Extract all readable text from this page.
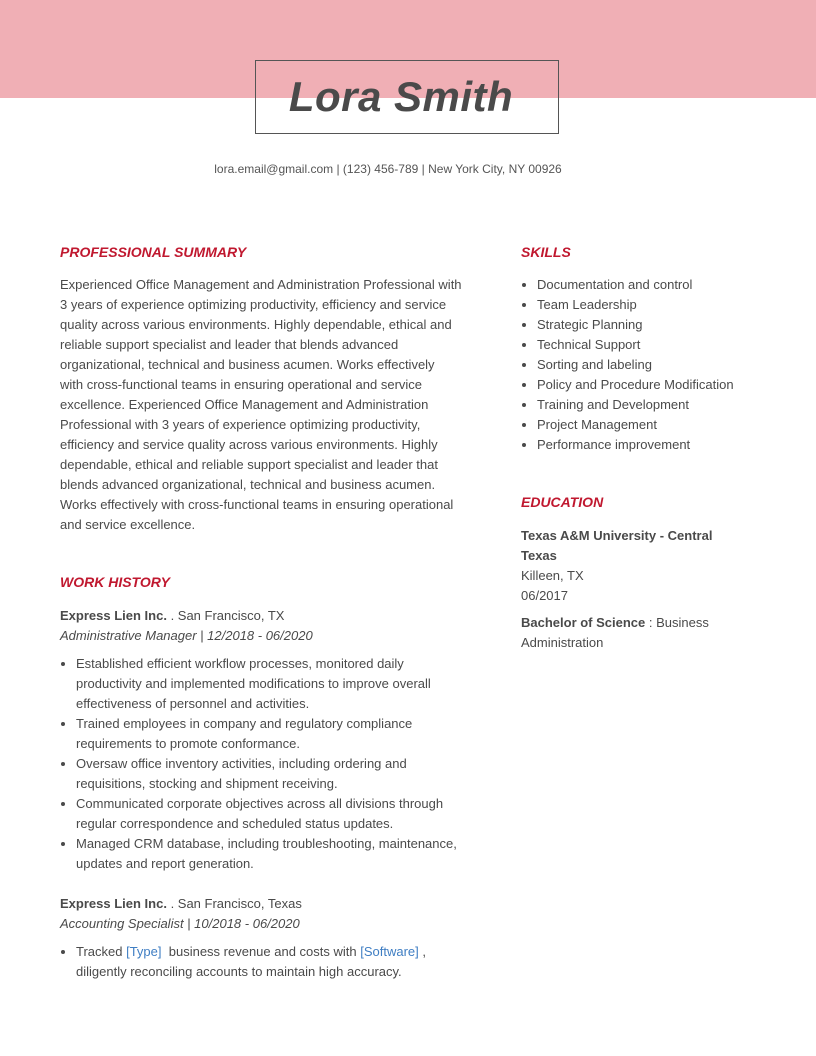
Lora Smith
lora.email@gmail.com | (123) 456-789 | New York City, NY 00926
PROFESSIONAL SUMMARY
Experienced Office Management and Administration Professional with
3 years of experience optimizing productivity, efficiency and service
quality across various environments. Highly dependable, ethical and
reliable support specialist and leader that blends advanced
organizational, technical and business acumen. Works effectively
with cross-functional teams in ensuring operational and service
excellence. Experienced Office Management and Administration
Professional with 3 years of experience optimizing productivity,
efficiency and service quality across various environments. Highly
dependable, ethical and reliable support specialist and leader that
blends advanced organizational, technical and business acumen.
Works effectively with cross-functional teams in ensuring operational
and service excellence.
WORK HISTORY
Express Lien Inc. . San Francisco, TX
Administrative Manager | 12/2018 - 06/2020
Established efficient workflow processes, monitored daily
productivity and implemented modifications to improve overall
effectiveness of personnel and activities.
Trained employees in company and regulatory compliance
requirements to promote conformance.
Oversaw office inventory activities, including ordering and
requisitions, stocking and shipment receiving.
Communicated corporate objectives across all divisions through
regular correspondence and scheduled status updates.
Managed CRM database, including troubleshooting, maintenance,
updates and report generation.
Express Lien Inc. . San Francisco, Texas
Accounting Specialist | 10/2018 - 06/2020
Tracked [Type]  business revenue and costs with [Software] ,
diligently reconciling accounts to maintain high accuracy.
SKILLS
Documentation and control
Team Leadership
Strategic Planning
Technical Support
Sorting and labeling
Policy and Procedure Modification
Training and Development
Project Management
Performance improvement
EDUCATION
Texas A&M University - Central
Texas
Killeen, TX
06/2017
Bachelor of Science : Business
Administration
